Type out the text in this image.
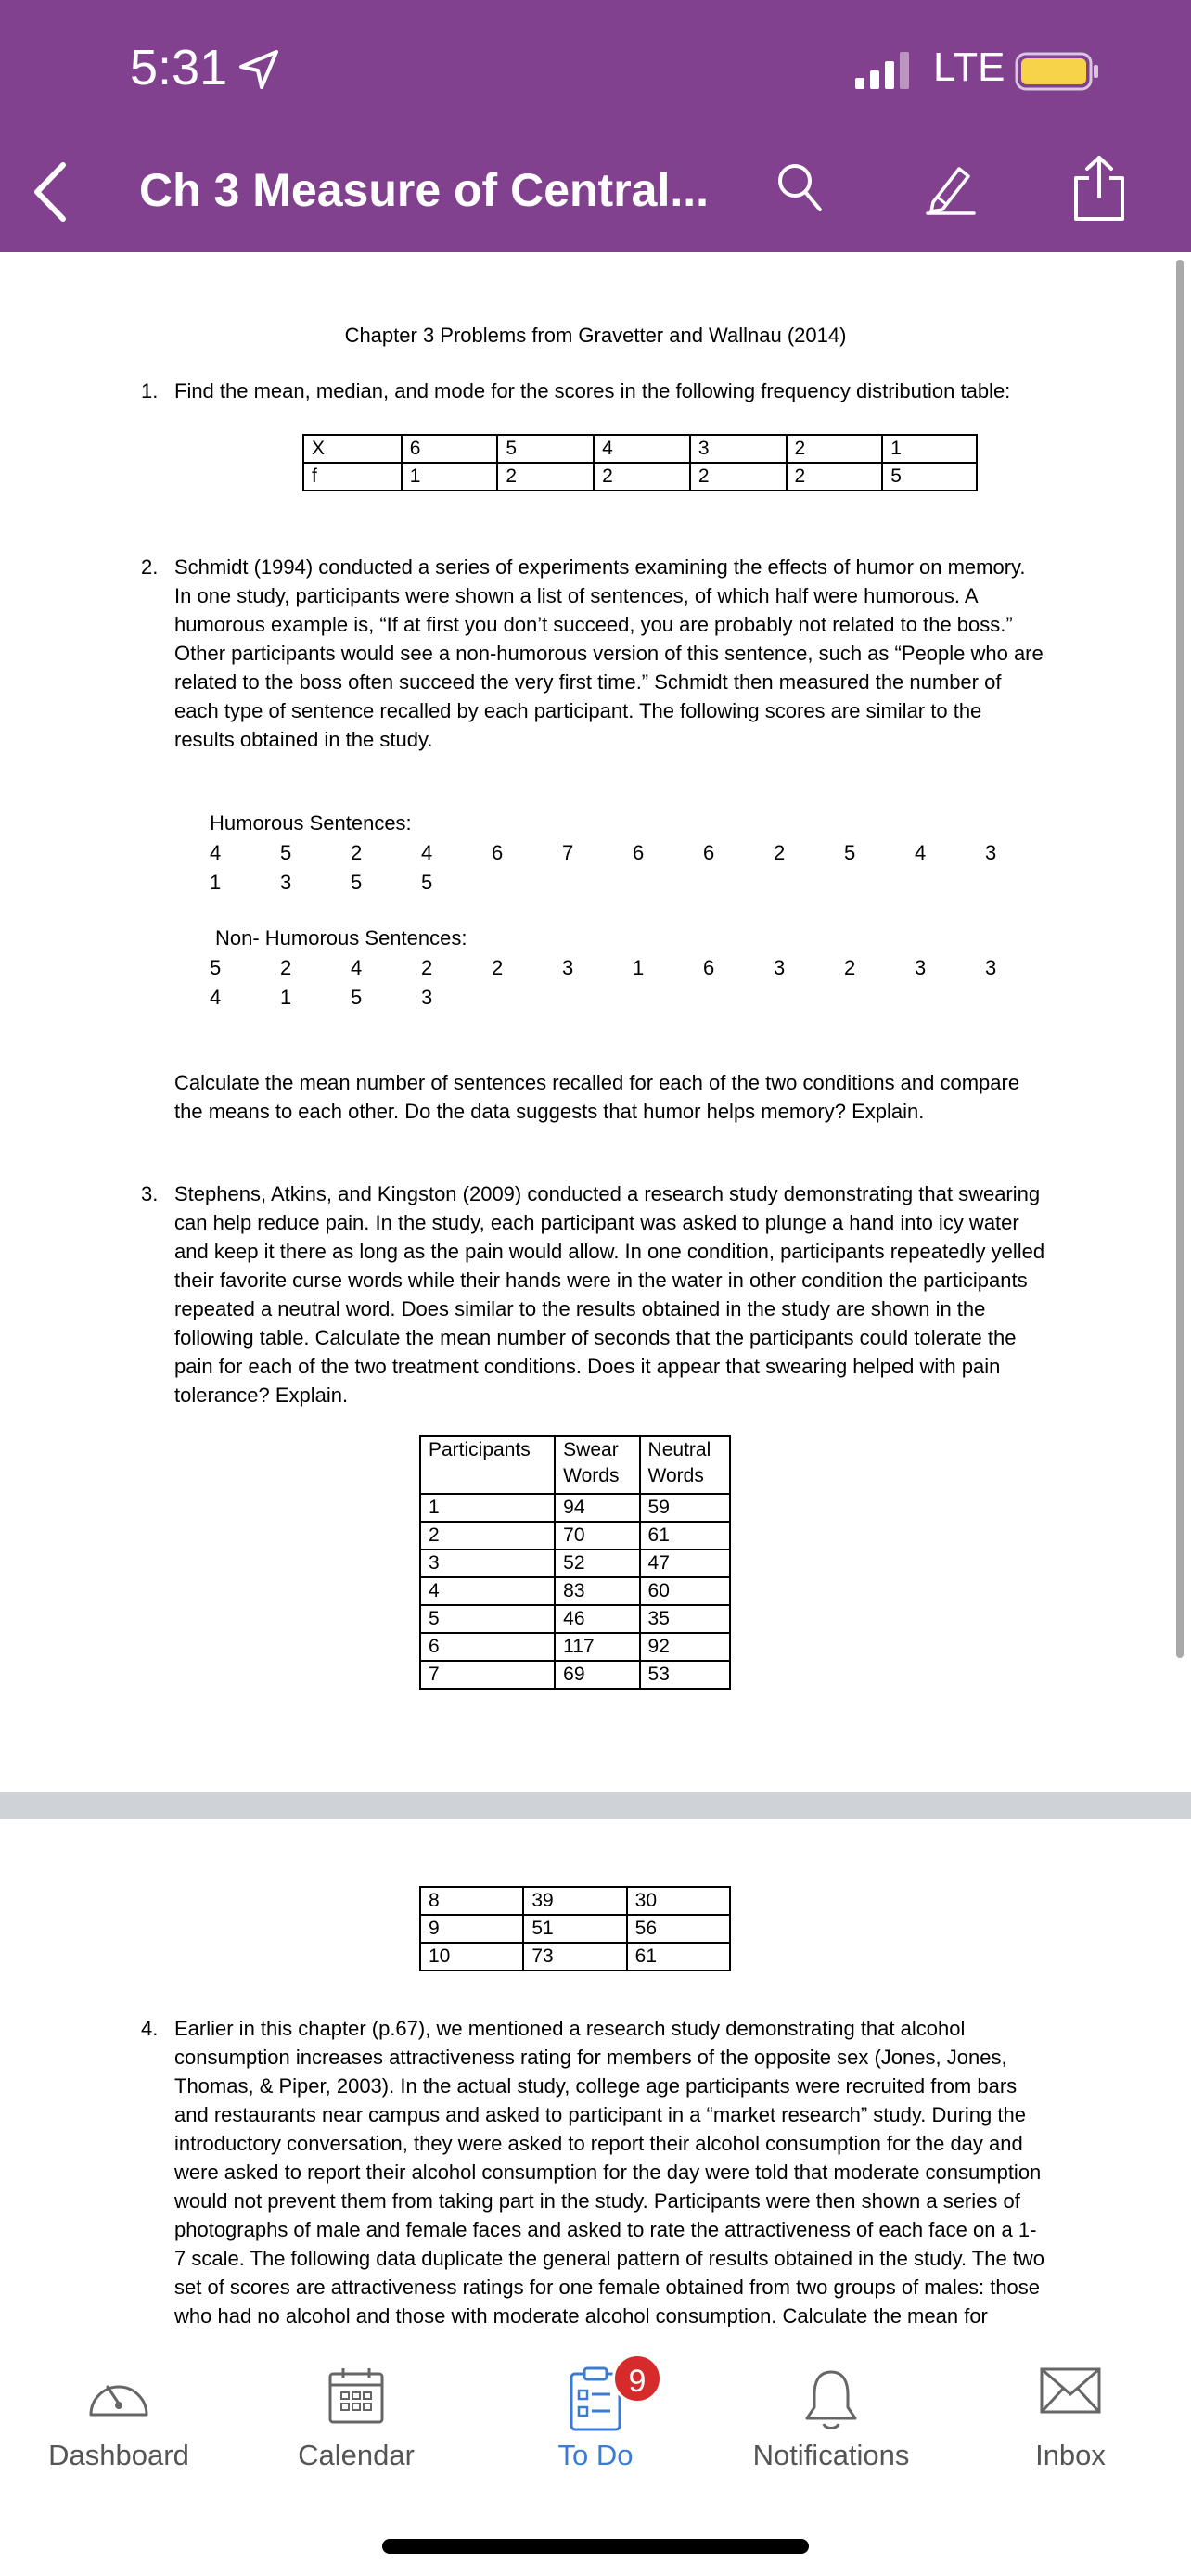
5:31	LTE
Ch 3 Measure of Central...
Chapter 3 Problems from Gravetter and Wallnau (2014)
1. Find the mean, median, and mode for the scores in the following frequency distribution table:
X	6	5	4	3	2	1
f	1	2	2	2	2	5
2. Schmidt (1994) conducted a series of experiments examining the effects of humor on memory. In one study, participants were shown a list of sentences, of which half were humorous. A humorous example is, “If at first you don’t succeed, you are probably not related to the boss.” Other participants would see a non-humorous version of this sentence, such as “People who are related to the boss often succeed the very first time.” Schmidt then measured the number of each type of sentence recalled by each participant. The following scores are similar to the results obtained in the study.
Humorous Sentences:
4	5	2	4	6	7	6	6	2	5	4	3
1	3	5	5
Non- Humorous Sentences:
5	2	4	2	2	3	1	6	3	2	3	3
4	1	5	3
Calculate the mean number of sentences recalled for each of the two conditions and compare the means to each other. Do the data suggests that humor helps memory? Explain.
3. Stephens, Atkins, and Kingston (2009) conducted a research study demonstrating that swearing can help reduce pain. In the study, each participant was asked to plunge a hand into icy water and keep it there as long as the pain would allow. In one condition, participants repeatedly yelled their favorite curse words while their hands were in the water in other condition the participants repeated a neutral word. Does similar to the results obtained in the study are shown in the following table. Calculate the mean number of seconds that the participants could tolerate the pain for each of the two treatment conditions. Does it appear that swearing helped with pain tolerance? Explain.
Participants	Swear Words	Neutral Words
1	94	59
2	70	61
3	52	47
4	83	60
5	46	35
6	117	92
7	69	53
8	39	30
9	51	56
10	73	61
4. Earlier in this chapter (p.67), we mentioned a research study demonstrating that alcohol consumption increases attractiveness rating for members of the opposite sex (Jones, Jones, Thomas, & Piper, 2003). In the actual study, college age participants were recruited from bars and restaurants near campus and asked to participant in a “market research” study. During the introductory conversation, they were asked to report their alcohol consumption for the day and were asked to report their alcohol consumption for the day were told that moderate consumption would not prevent them from taking part in the study. Participants were then shown a series of photographs of male and female faces and asked to rate the attractiveness of each face on a 1-7 scale. The following data duplicate the general pattern of results obtained in the study. The two set of scores are attractiveness ratings for one female obtained from two groups of males: those who had no alcohol and those with moderate alcohol consumption. Calculate the mean for
Dashboard	Calendar
9
To Do	Notifications	Inbox
